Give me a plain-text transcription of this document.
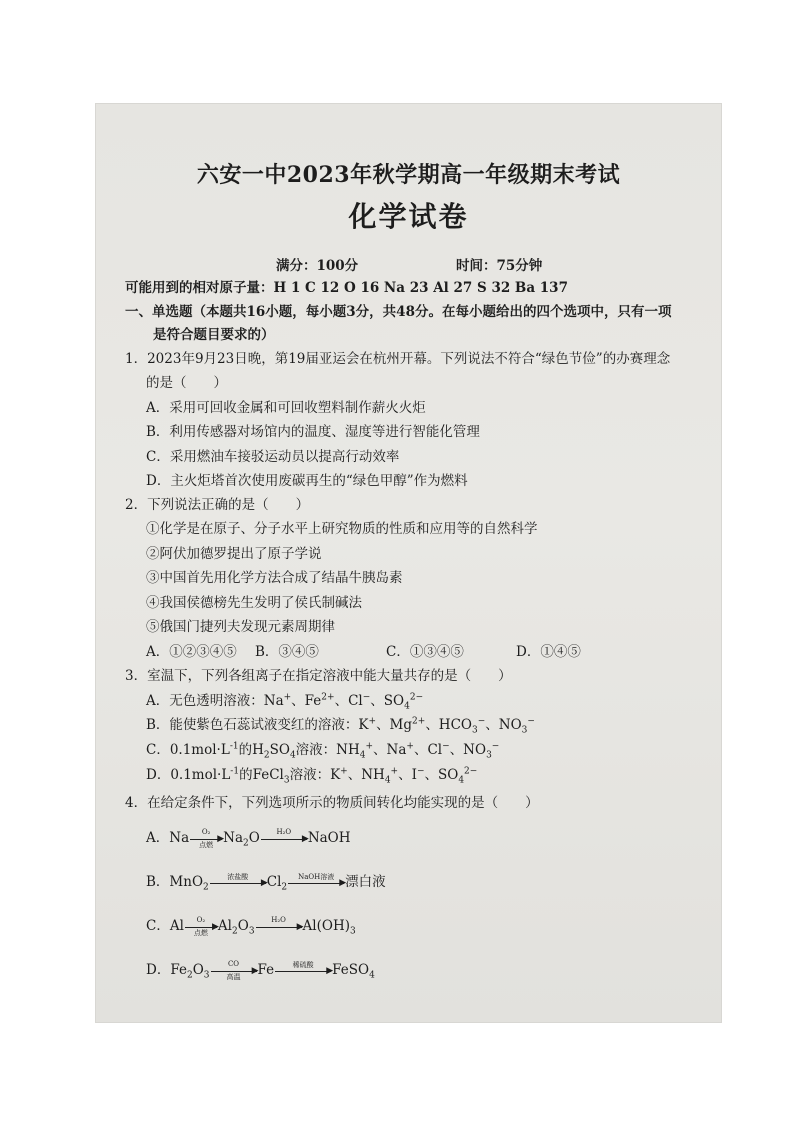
六安一中2023年秋学期高一年级期末考试
化学试卷
满分：100分	时间：75分钟
可能用到的相对原子量：H 1 C 12 O 16 Na 23 Al 27 S 32 Ba 137
一、单选题（本题共16小题，每小题3分，共48分。在每小题给出的四个选项中，只有一项
是符合题目要求的）
1．2023年9月23日晚，第19届亚运会在杭州开幕。下列说法不符合“绿色节俭”的办赛理念
的是（　　）
A．采用可回收金属和可回收塑料制作薪火火炬
B．利用传感器对场馆内的温度、湿度等进行智能化管理
C．采用燃油车接驳运动员以提高行动效率
D．主火炬塔首次使用废碳再生的“绿色甲醇”作为燃料
2．下列说法正确的是（　　）
①化学是在原子、分子水平上研究物质的性质和应用等的自然科学
②阿伏加德罗提出了原子学说
③中国首先用化学方法合成了结晶牛胰岛素
④我国侯德榜先生发明了侯氏制碱法
⑤俄国门捷列夫发现元素周期律
A．①②③④⑤ B．③④⑤	C．①③④⑤	D．①④⑤
3．室温下，下列各组离子在指定溶液中能大量共存的是（　　）
A．无色透明溶液：Na+、$Fe^{2+}$、Cl−、$SO_4^{2-}$
B．能使紫色石蕊试液变红的溶液：K+、$Mg^{2+}$、$HCO_3^-$、$NO_3^-$
C．$0.1mol\cdot L^{-1}$的$H_2SO_4$溶液：$NH_4^+$、Na+、Cl−、$NO_3^-$
D．$0.1mol\cdot L^{-1}$的FeCl$_3$溶液：K+、$NH_4^+$、I−、$SO_4^{2-}$
4．在给定条件下，下列选项所示的物质间转化均能实现的是（　　）
A．Na	O₂
▶
点燃 $Na_2O$	H₂O
▶ NaOH
B．MnO$_2$
浓盐酸
▶ $Cl_2$
NaOH溶液
▶ 漂白液
C．Al	O₂
▶
点燃 $Al_2O_3$
H₂O
▶ $Al(OH)_3$
D．$Fe_2O_3$
CO
▶
高温	Fe	稀硫酸
▶ FeSO$_4$
